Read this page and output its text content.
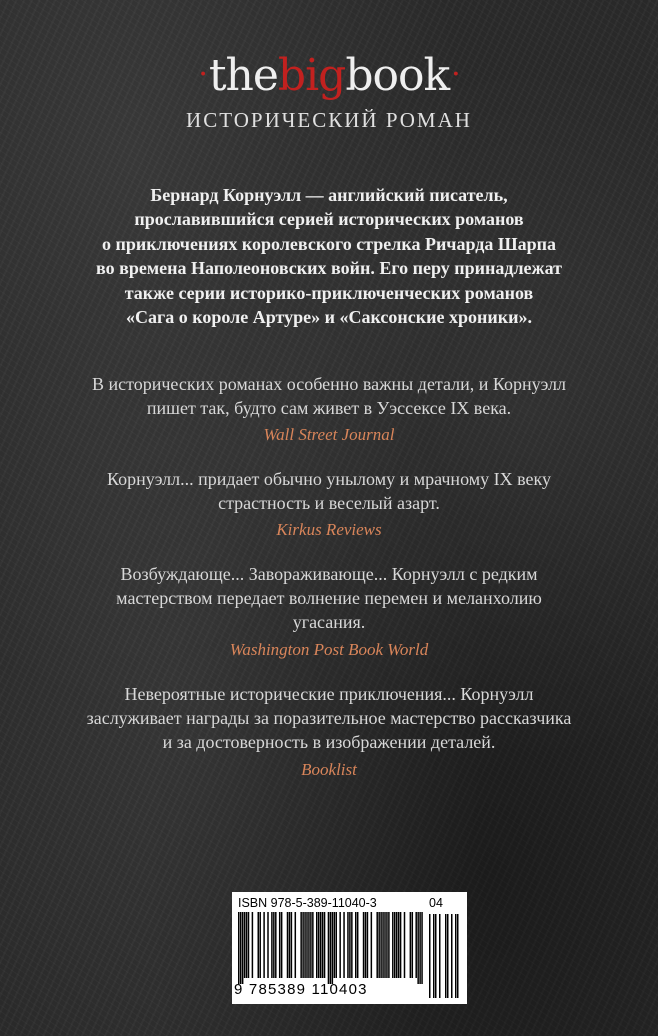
·thebigbook·
ИСТОРИЧЕСКИЙ РОМАН
Бернард Корнуэлл — английский писатель,
прославившийся серией исторических романов
о приключениях королевского стрелка Ричарда Шарпа
во времена Наполеоновских войн. Его перу принадлежат
также серии историко-приключенческих романов
«Сага о короле Артуре» и «Саксонские хроники».
В исторических романах особенно важны детали, и Корнуэлл
пишет так, будто сам живет в Уэссексе IX века.
Wall Street Journal
Корнуэлл... придает обычно унылому и мрачному IX веку
страстность и веселый азарт.
Kirkus Reviews
Возбуждающе... Завораживающе... Корнуэлл с редким
мастерством передает волнение перемен и меланхолию
угасания.
Washington Post Book World
Невероятные исторические приключения... Корнуэлл
заслуживает награды за поразительное мастерство рассказчика
и за достоверность в изображении деталей.
Booklist
ISBN 978-5-389-11040-3	04
9 785389 110403
